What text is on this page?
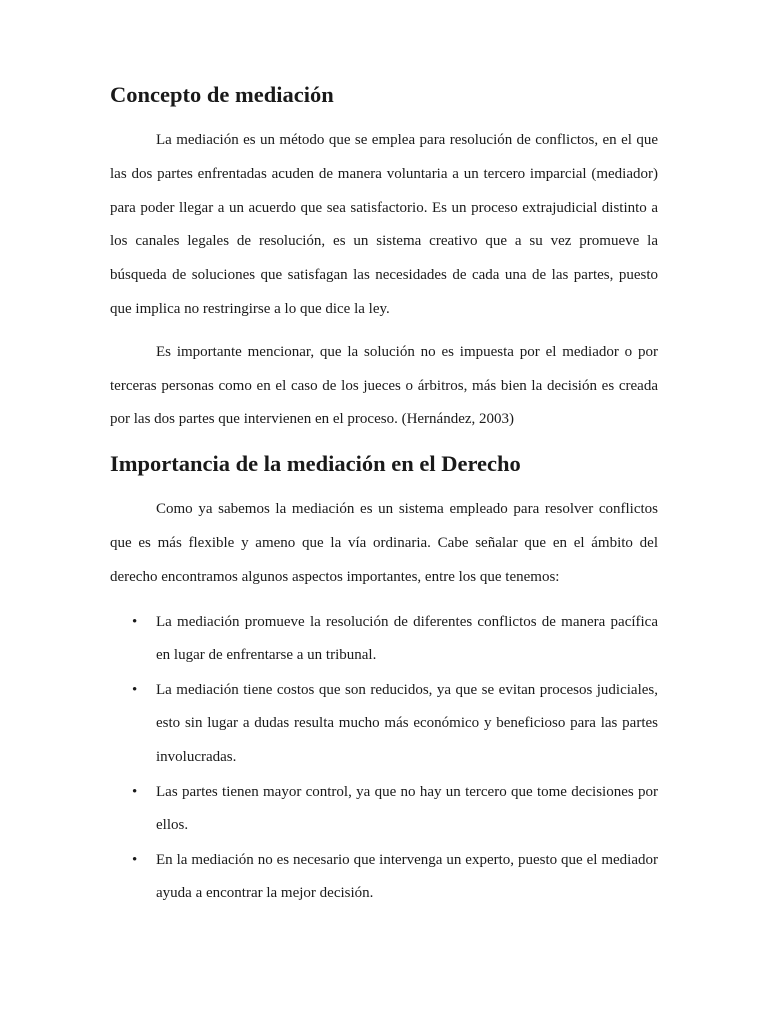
Concepto de mediación

La mediación es un método que se emplea para resolución de conflictos, en el que las dos partes enfrentadas acuden de manera voluntaria a un tercero imparcial (mediador) para poder llegar a un acuerdo que sea satisfactorio. Es un proceso extrajudicial distinto a los canales legales de resolución, es un sistema creativo que a su vez promueve la búsqueda de soluciones que satisfagan las necesidades de cada una de las partes, puesto que implica no restringirse a lo que dice la ley.

Es importante mencionar, que la solución no es impuesta por el mediador o por terceras personas como en el caso de los jueces o árbitros, más bien la decisión es creada por las dos partes que intervienen en el proceso. (Hernández, 2003)

Importancia de la mediación en el Derecho

Como ya sabemos la mediación es un sistema empleado para resolver conflictos que es más flexible y ameno que la vía ordinaria. Cabe señalar que en el ámbito del derecho encontramos algunos aspectos importantes, entre los que tenemos:

• La mediación promueve la resolución de diferentes conflictos de manera pacífica en lugar de enfrentarse a un tribunal.
• La mediación tiene costos que son reducidos, ya que se evitan procesos judiciales, esto sin lugar a dudas resulta mucho más económico y beneficioso para las partes involucradas.
• Las partes tienen mayor control, ya que no hay un tercero que tome decisiones por ellos.
• En la mediación no es necesario que intervenga un experto, puesto que el mediador ayuda a encontrar la mejor decisión.
